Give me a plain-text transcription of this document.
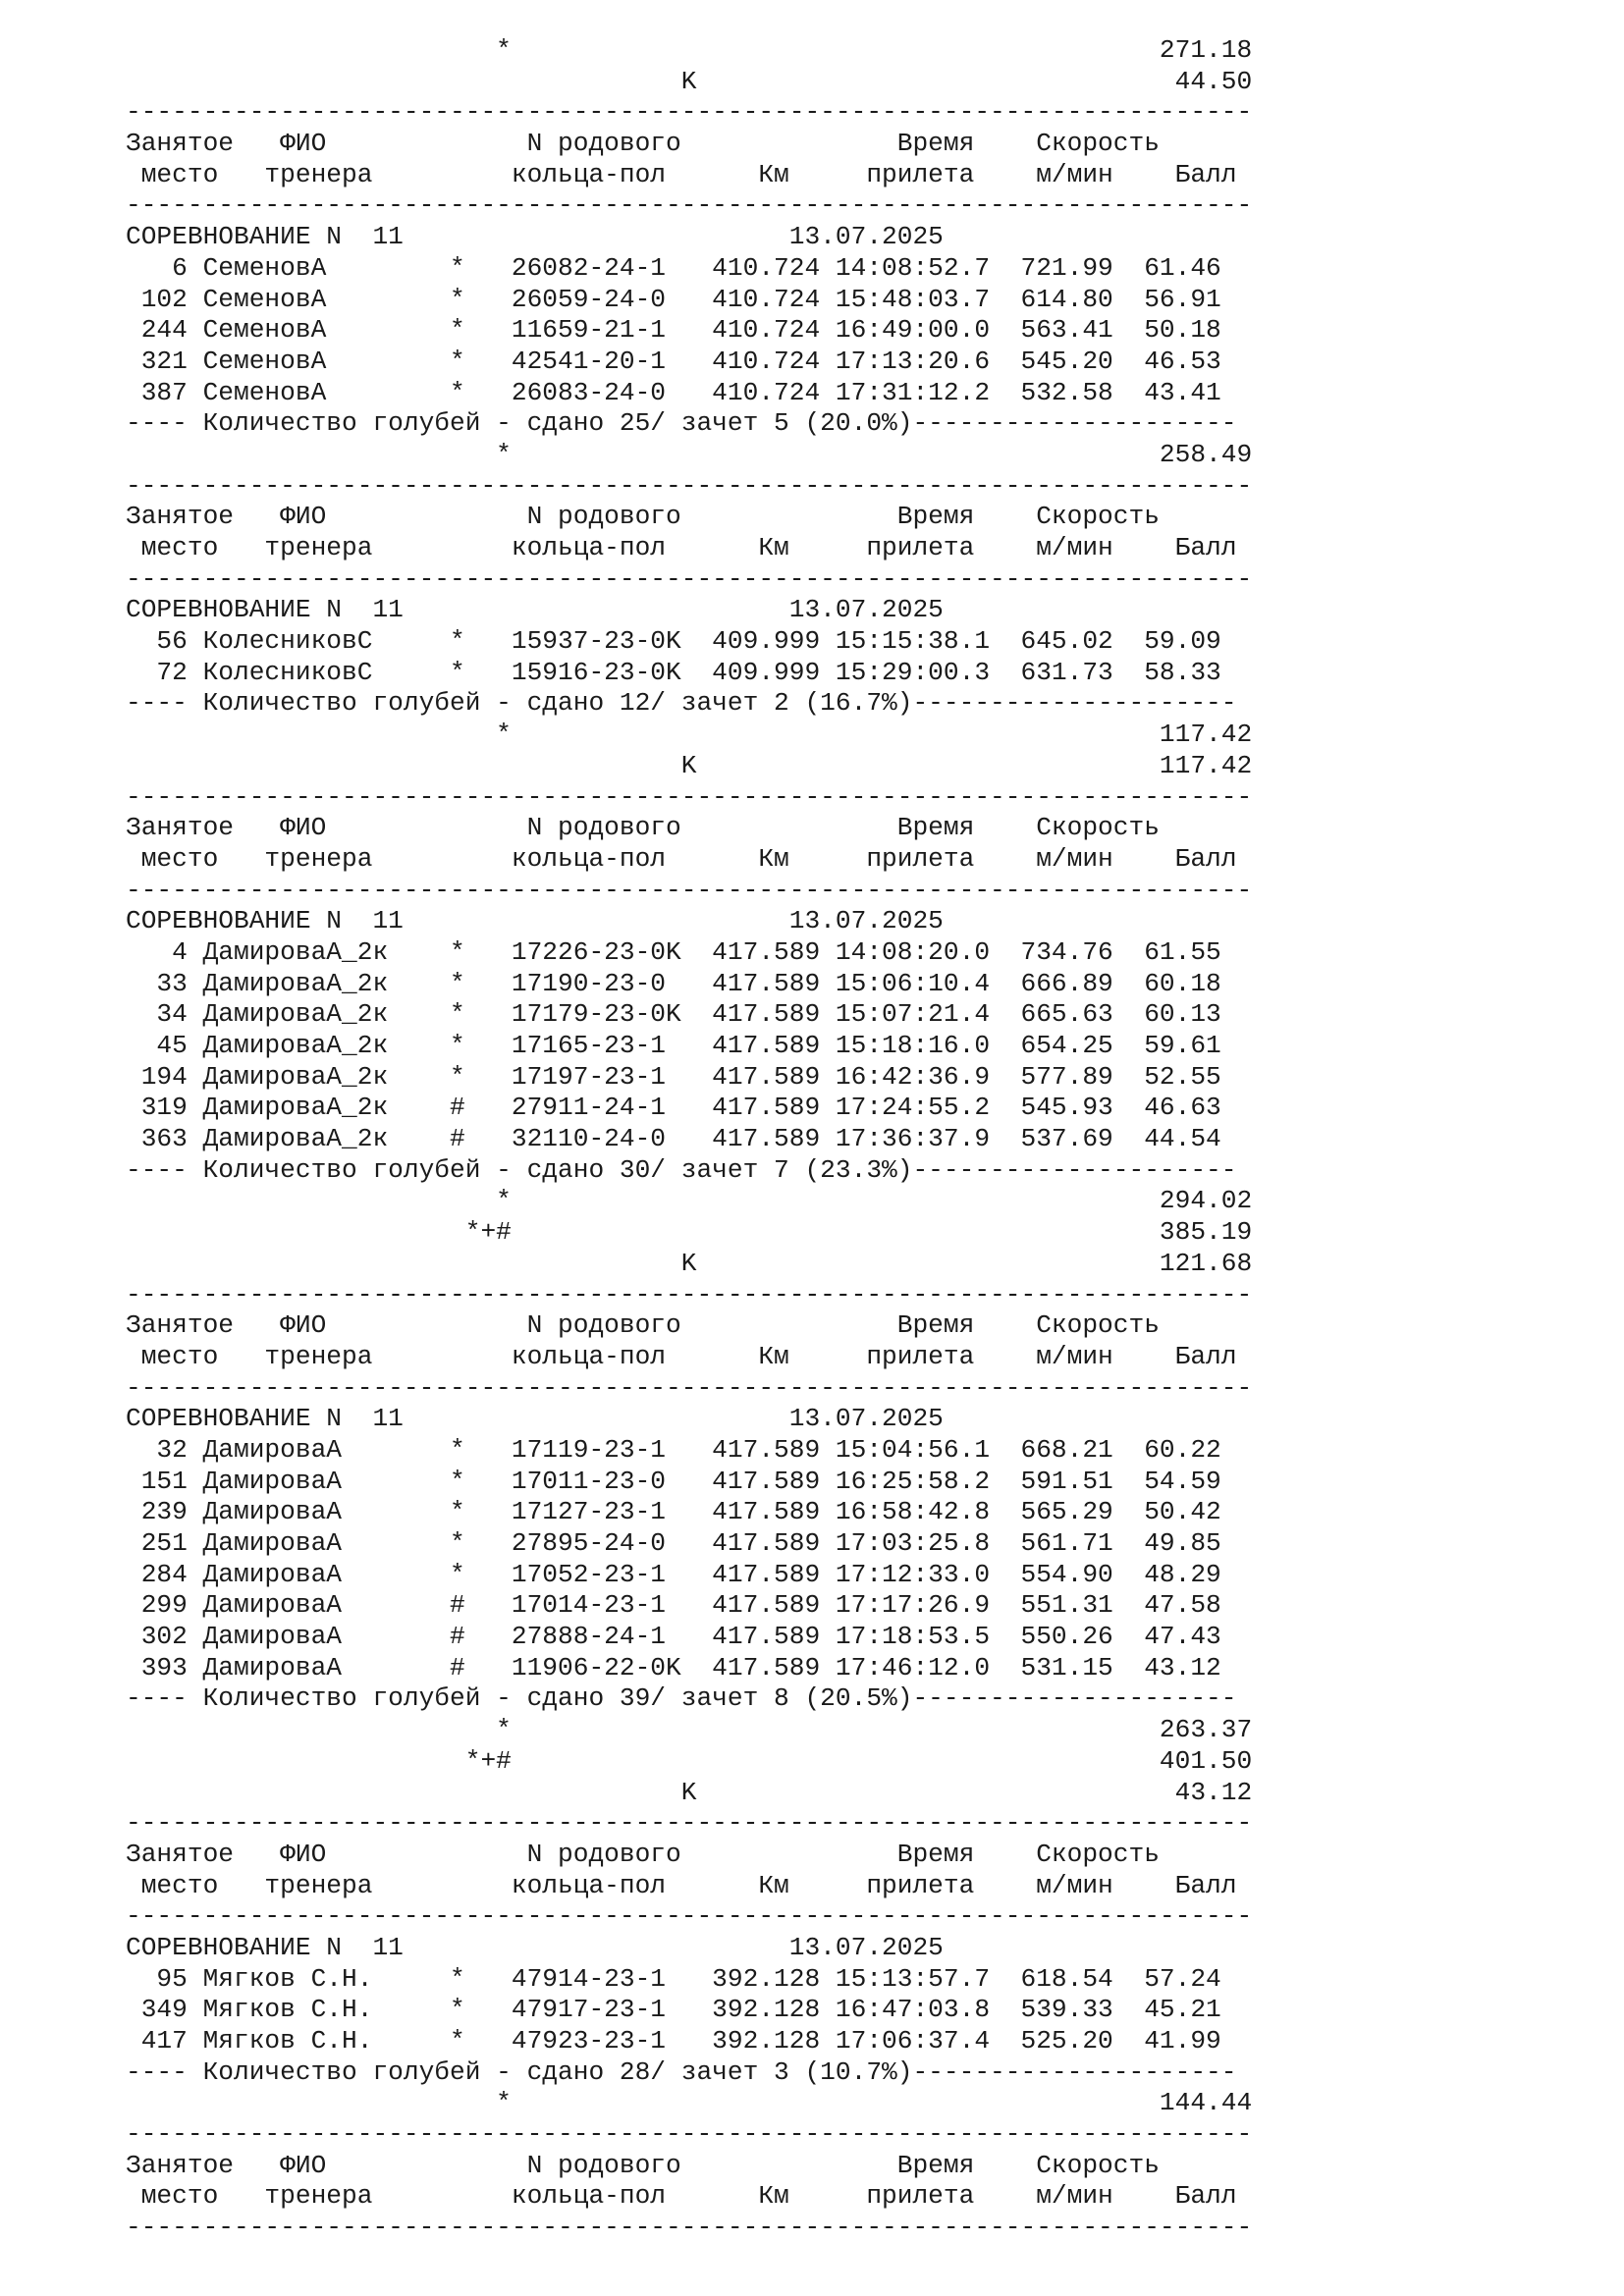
*                                          271.18
K                               44.50
-------------------------------------------------------------------------
Занятое   ФИО             N родового              Время    Скорость
место   тренера         кольца-пол      Км     прилета    м/мин    Балл
-------------------------------------------------------------------------
СОРЕВНОВАНИЕ N  11                         13.07.2025
6 СеменовА        *   26082-24-1   410.724 14:08:52.7  721.99  61.46
102 СеменовА        *   26059-24-0   410.724 15:48:03.7  614.80  56.91
244 СеменовА        *   11659-21-1   410.724 16:49:00.0  563.41  50.18
321 СеменовА        *   42541-20-1   410.724 17:13:20.6  545.20  46.53
387 СеменовА        *   26083-24-0   410.724 17:31:12.2  532.58  43.41
---- Количество голубей - сдано 25/ зачет 5 (20.0%)---------------------
*                                          258.49
-------------------------------------------------------------------------
Занятое   ФИО             N родового              Время    Скорость
место   тренера         кольца-пол      Км     прилета    м/мин    Балл
-------------------------------------------------------------------------
СОРЕВНОВАНИЕ N  11                         13.07.2025
56 КолесниковС     *   15937-23-0K  409.999 15:15:38.1  645.02  59.09
72 КолесниковС     *   15916-23-0K  409.999 15:29:00.3  631.73  58.33
---- Количество голубей - сдано 12/ зачет 2 (16.7%)---------------------
*                                          117.42
K                              117.42
-------------------------------------------------------------------------
Занятое   ФИО             N родового              Время    Скорость
место   тренера         кольца-пол      Км     прилета    м/мин    Балл
-------------------------------------------------------------------------
СОРЕВНОВАНИЕ N  11                         13.07.2025
4 ДамироваА_2к    *   17226-23-0K  417.589 14:08:20.0  734.76  61.55
33 ДамироваА_2к    *   17190-23-0   417.589 15:06:10.4  666.89  60.18
34 ДамироваА_2к    *   17179-23-0K  417.589 15:07:21.4  665.63  60.13
45 ДамироваА_2к    *   17165-23-1   417.589 15:18:16.0  654.25  59.61
194 ДамироваА_2к    *   17197-23-1   417.589 16:42:36.9  577.89  52.55
319 ДамироваА_2к    #   27911-24-1   417.589 17:24:55.2  545.93  46.63
363 ДамироваА_2к    #   32110-24-0   417.589 17:36:37.9  537.69  44.54
---- Количество голубей - сдано 30/ зачет 7 (23.3%)---------------------
*                                          294.02
*+#                                          385.19
K                              121.68
-------------------------------------------------------------------------
Занятое   ФИО             N родового              Время    Скорость
место   тренера         кольца-пол      Км     прилета    м/мин    Балл
-------------------------------------------------------------------------
СОРЕВНОВАНИЕ N  11                         13.07.2025
32 ДамироваА       *   17119-23-1   417.589 15:04:56.1  668.21  60.22
151 ДамироваА       *   17011-23-0   417.589 16:25:58.2  591.51  54.59
239 ДамироваА       *   17127-23-1   417.589 16:58:42.8  565.29  50.42
251 ДамироваА       *   27895-24-0   417.589 17:03:25.8  561.71  49.85
284 ДамироваА       *   17052-23-1   417.589 17:12:33.0  554.90  48.29
299 ДамироваА       #   17014-23-1   417.589 17:17:26.9  551.31  47.58
302 ДамироваА       #   27888-24-1   417.589 17:18:53.5  550.26  47.43
393 ДамироваА       #   11906-22-0K  417.589 17:46:12.0  531.15  43.12
---- Количество голубей - сдано 39/ зачет 8 (20.5%)---------------------
*                                          263.37
*+#                                          401.50
K                               43.12
-------------------------------------------------------------------------
Занятое   ФИО             N родового              Время    Скорость
место   тренера         кольца-пол      Км     прилета    м/мин    Балл
-------------------------------------------------------------------------
СОРЕВНОВАНИЕ N  11                         13.07.2025
95 Мягков С.Н.     *   47914-23-1   392.128 15:13:57.7  618.54  57.24
349 Мягков С.Н.     *   47917-23-1   392.128 16:47:03.8  539.33  45.21
417 Мягков С.Н.     *   47923-23-1   392.128 17:06:37.4  525.20  41.99
---- Количество голубей - сдано 28/ зачет 3 (10.7%)---------------------
*                                          144.44
-------------------------------------------------------------------------
Занятое   ФИО             N родового              Время    Скорость
место   тренера         кольца-пол      Км     прилета    м/мин    Балл
-------------------------------------------------------------------------
